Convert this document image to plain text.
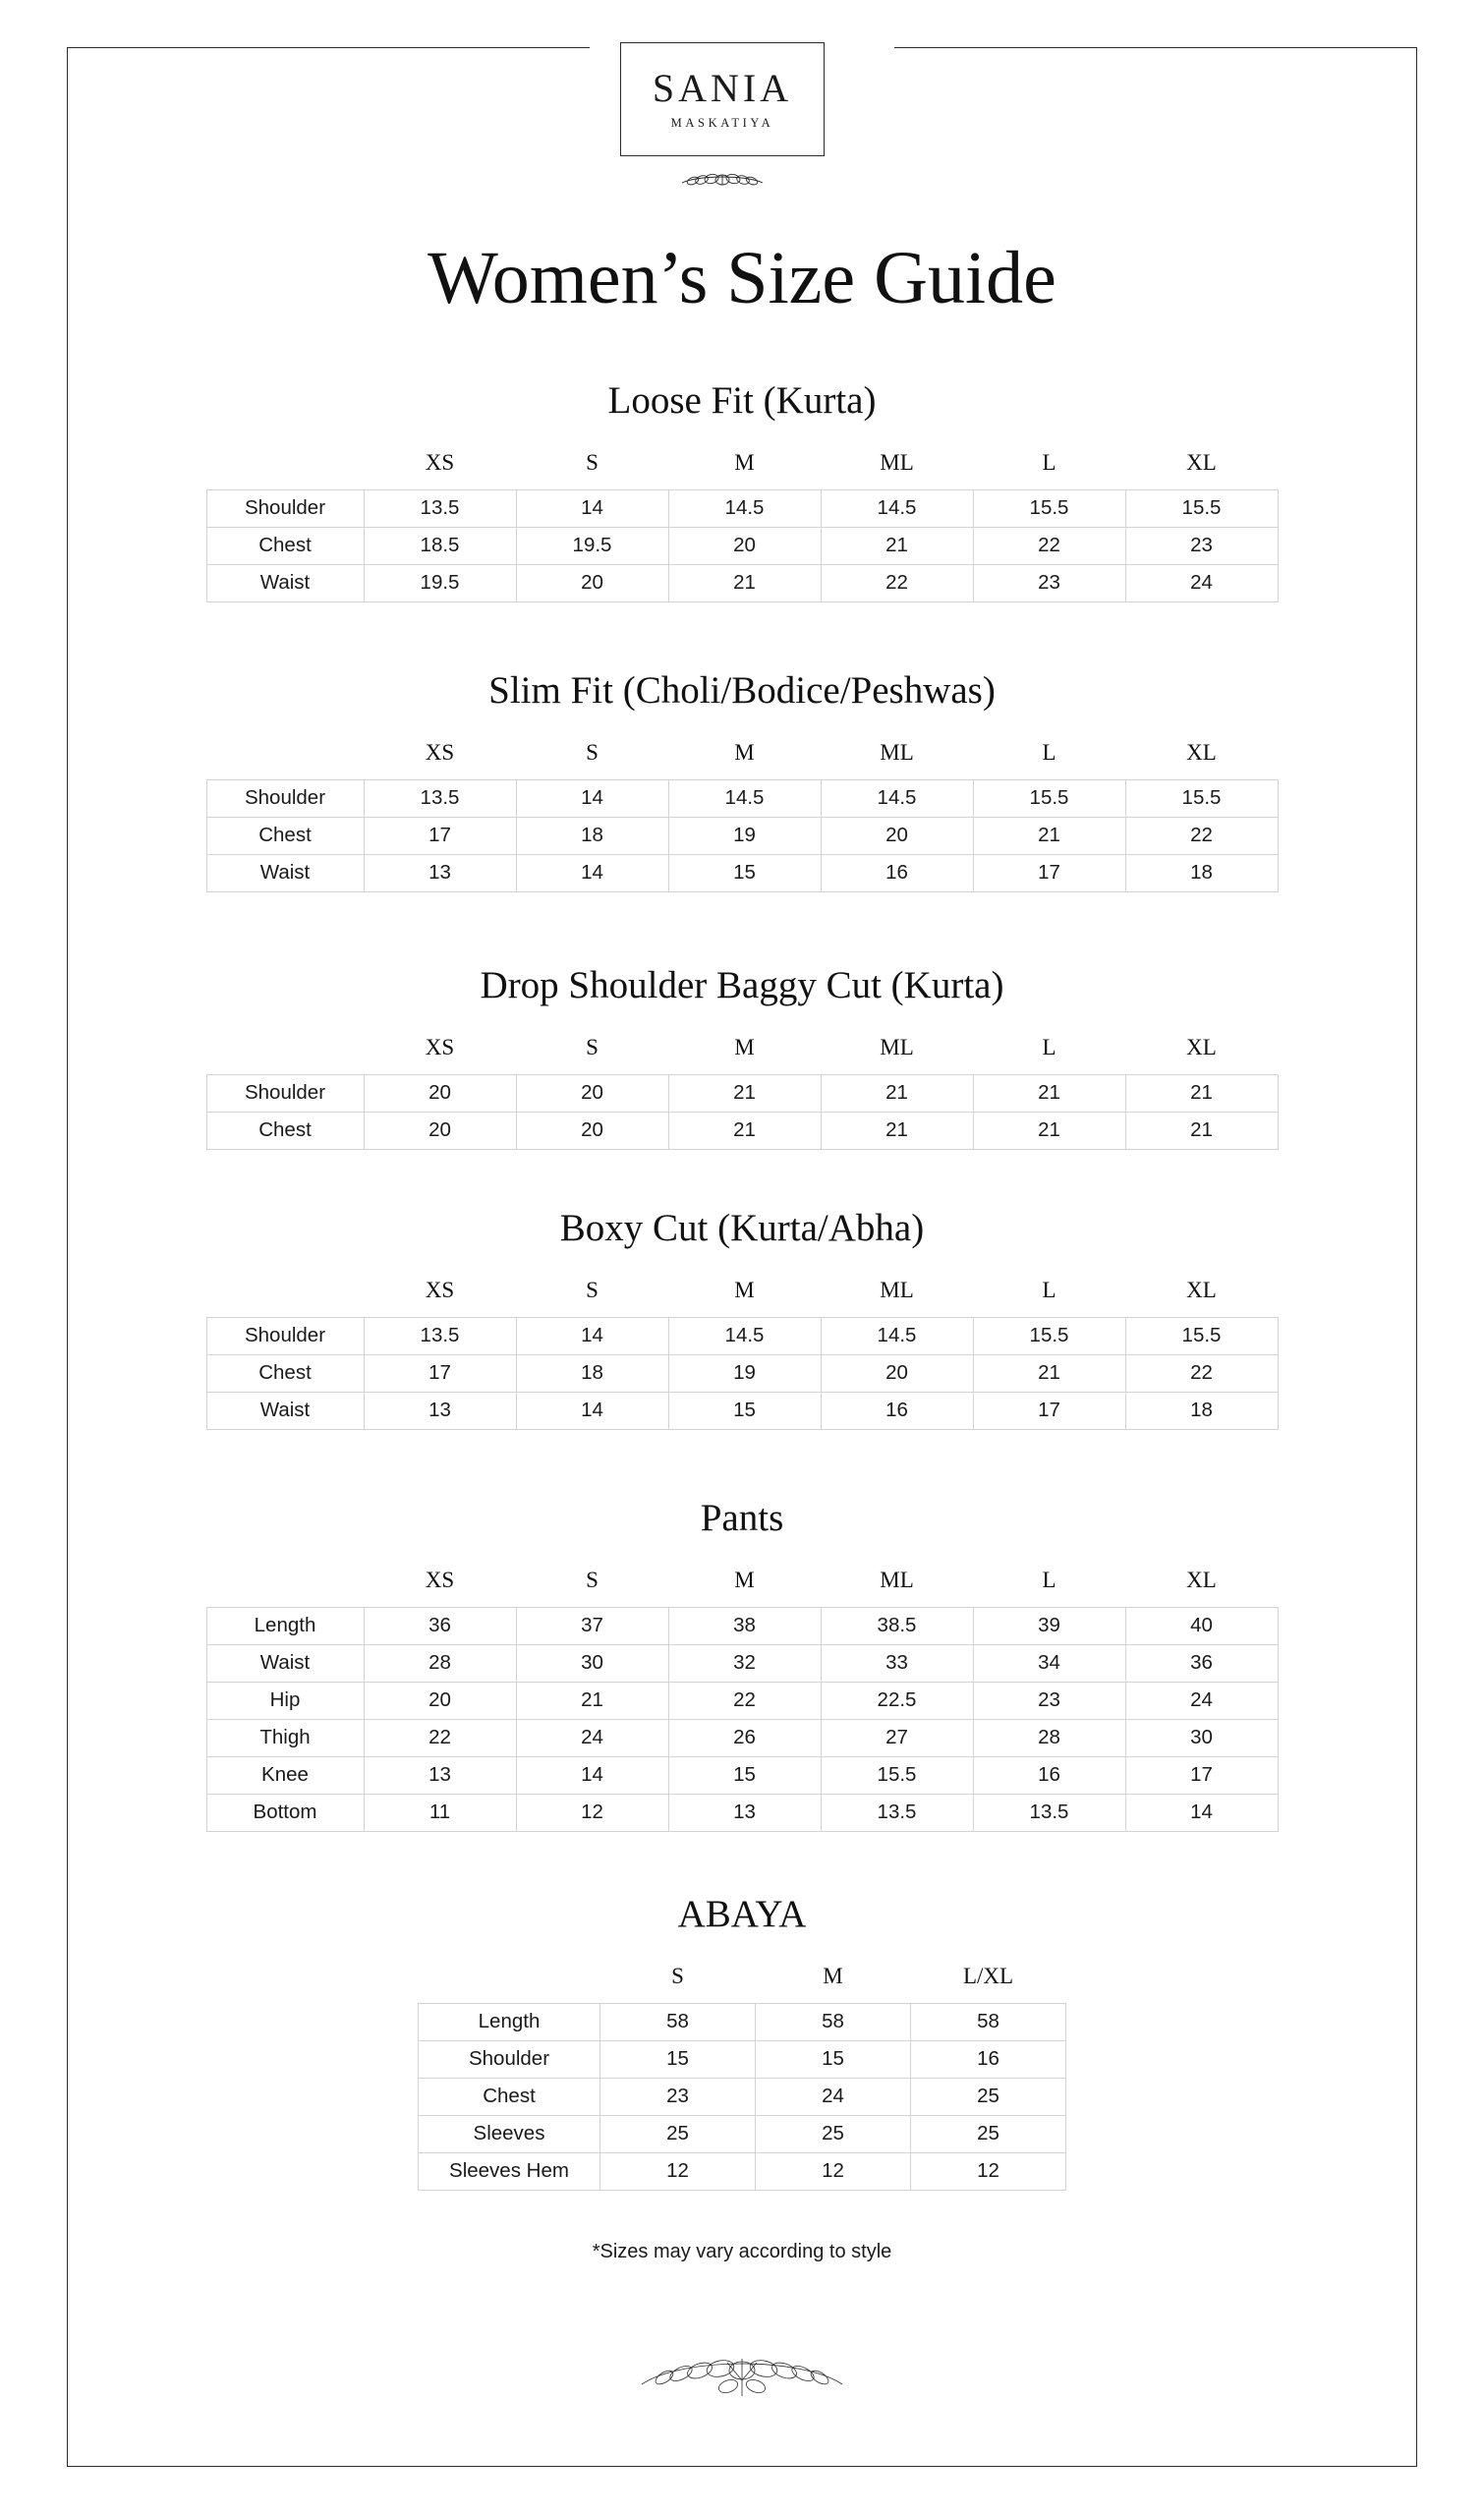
SANIA
MASKATIYA
Women’s Size Guide
Loose Fit (Kurta)
	XS	S	M	ML	L	XL
Shoulder	13.5	14	14.5	14.5	15.5	15.5
Chest	18.5	19.5	20	21	22	23
Waist	19.5	20	21	22	23	24
Slim Fit (Choli/Bodice/Peshwas)
	XS	S	M	ML	L	XL
Shoulder	13.5	14	14.5	14.5	15.5	15.5
Chest	17	18	19	20	21	22
Waist	13	14	15	16	17	18
Drop Shoulder Baggy Cut (Kurta)
	XS	S	M	ML	L	XL
Shoulder	20	20	21	21	21	21
Chest	20	20	21	21	21	21
Boxy Cut (Kurta/Abha)
	XS	S	M	ML	L	XL
Shoulder	13.5	14	14.5	14.5	15.5	15.5
Chest	17	18	19	20	21	22
Waist	13	14	15	16	17	18
Pants
	XS	S	M	ML	L	XL
Length	36	37	38	38.5	39	40
Waist	28	30	32	33	34	36
Hip	20	21	22	22.5	23	24
Thigh	22	24	26	27	28	30
Knee	13	14	15	15.5	16	17
Bottom	11	12	13	13.5	13.5	14
ABAYA
	S	M	L/XL
Length	58	58	58
Shoulder	15	15	16
Chest	23	24	25
Sleeves	25	25	25
Sleeves Hem	12	12	12
*Sizes may vary according to style
